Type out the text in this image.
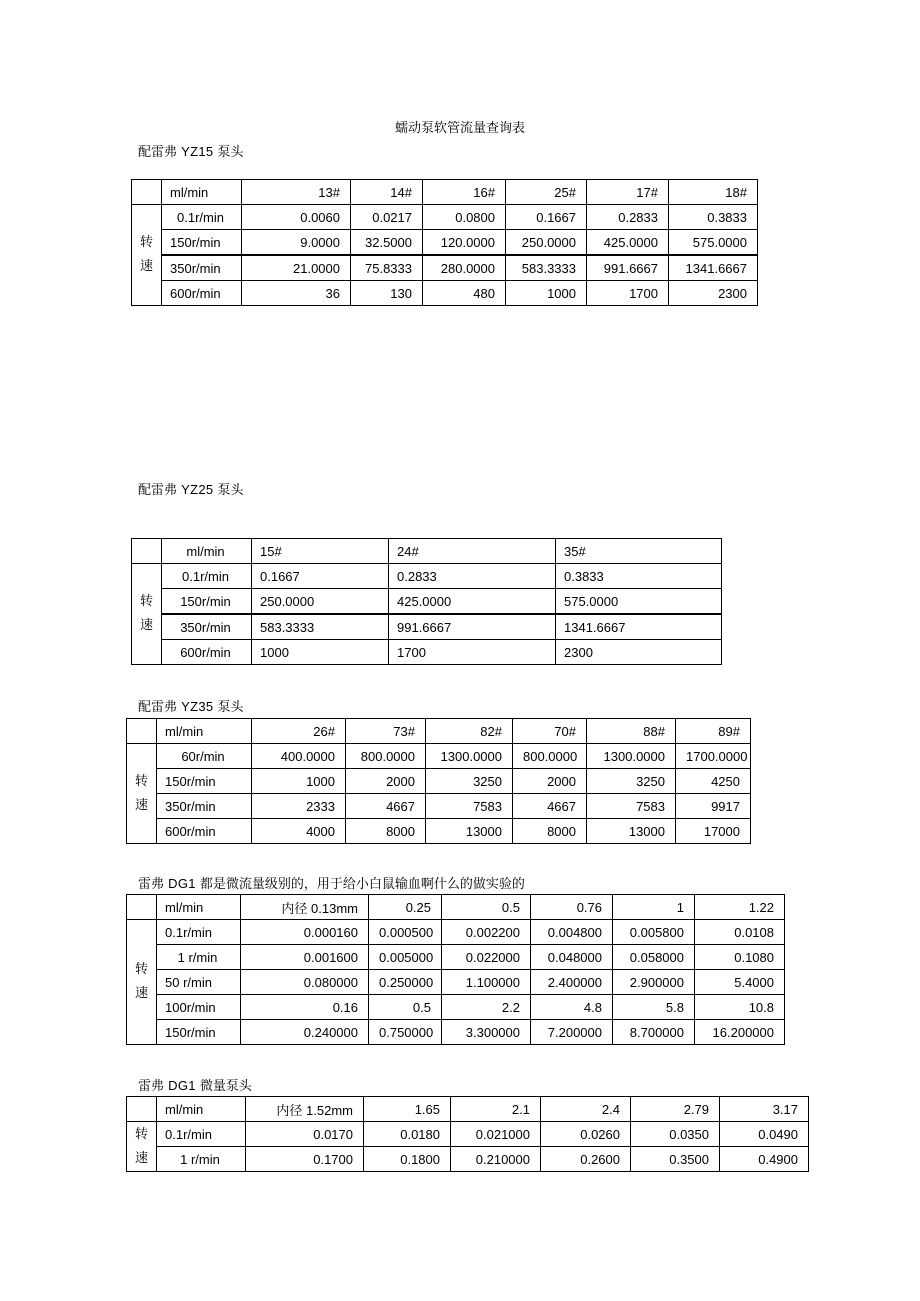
蠕动泵软管流量查询表
配雷弗 YZ15 泵头
	ml/min	13#	14#	16#	25#	17#	18#
转
速	0.1r/min	0.0060	0.0217	0.0800	0.1667	0.2833	0.3833
	150r/min	9.0000	32.5000	120.0000	250.0000	425.0000	575.0000
	350r/min	21.0000	75.8333	280.0000	583.3333	991.6667	1341.6667
	600r/min	36	130	480	1000	1700	2300
配雷弗 YZ25 泵头
	ml/min	15#	24#	35#
转
速	0.1r/min	0.1667	0.2833	0.3833
	150r/min	250.0000	425.0000	575.0000
	350r/min	583.3333	991.6667	1341.6667
	600r/min	1000	1700	2300
配雷弗 YZ35 泵头
	ml/min	26#	73#	82#	70#	88#	89#
转
速	60r/min	400.0000	800.0000	1300.0000	800.0000	1300.0000	1700.0000
	150r/min	1000	2000	3250	2000	3250	4250
	350r/min	2333	4667	7583	4667	7583	9917
	600r/min	4000	8000	13000	8000	13000	17000
雷弗 DG1 都是微流量级别的，用于给小白鼠输血啊什么的做实验的
	ml/min	内径 0.13mm	0.25	0.5	0.76	1	1.22
转
速	0.1r/min	0.000160	0.000500	0.002200	0.004800	0.005800	0.0108
	1 r/min	0.001600	0.005000	0.022000	0.048000	0.058000	0.1080
	50 r/min	0.080000	0.250000	1.100000	2.400000	2.900000	5.4000
	100r/min	0.16	0.5	2.2	4.8	5.8	10.8
	150r/min	0.240000	0.750000	3.300000	7.200000	8.700000	16.200000
雷弗 DG1 微量泵头
	ml/min	内径 1.52mm	1.65	2.1	2.4	2.79	3.17
转
速	0.1r/min	0.0170	0.0180	0.021000	0.0260	0.0350	0.0490
	1 r/min	0.1700	0.1800	0.210000	0.2600	0.3500	0.4900
